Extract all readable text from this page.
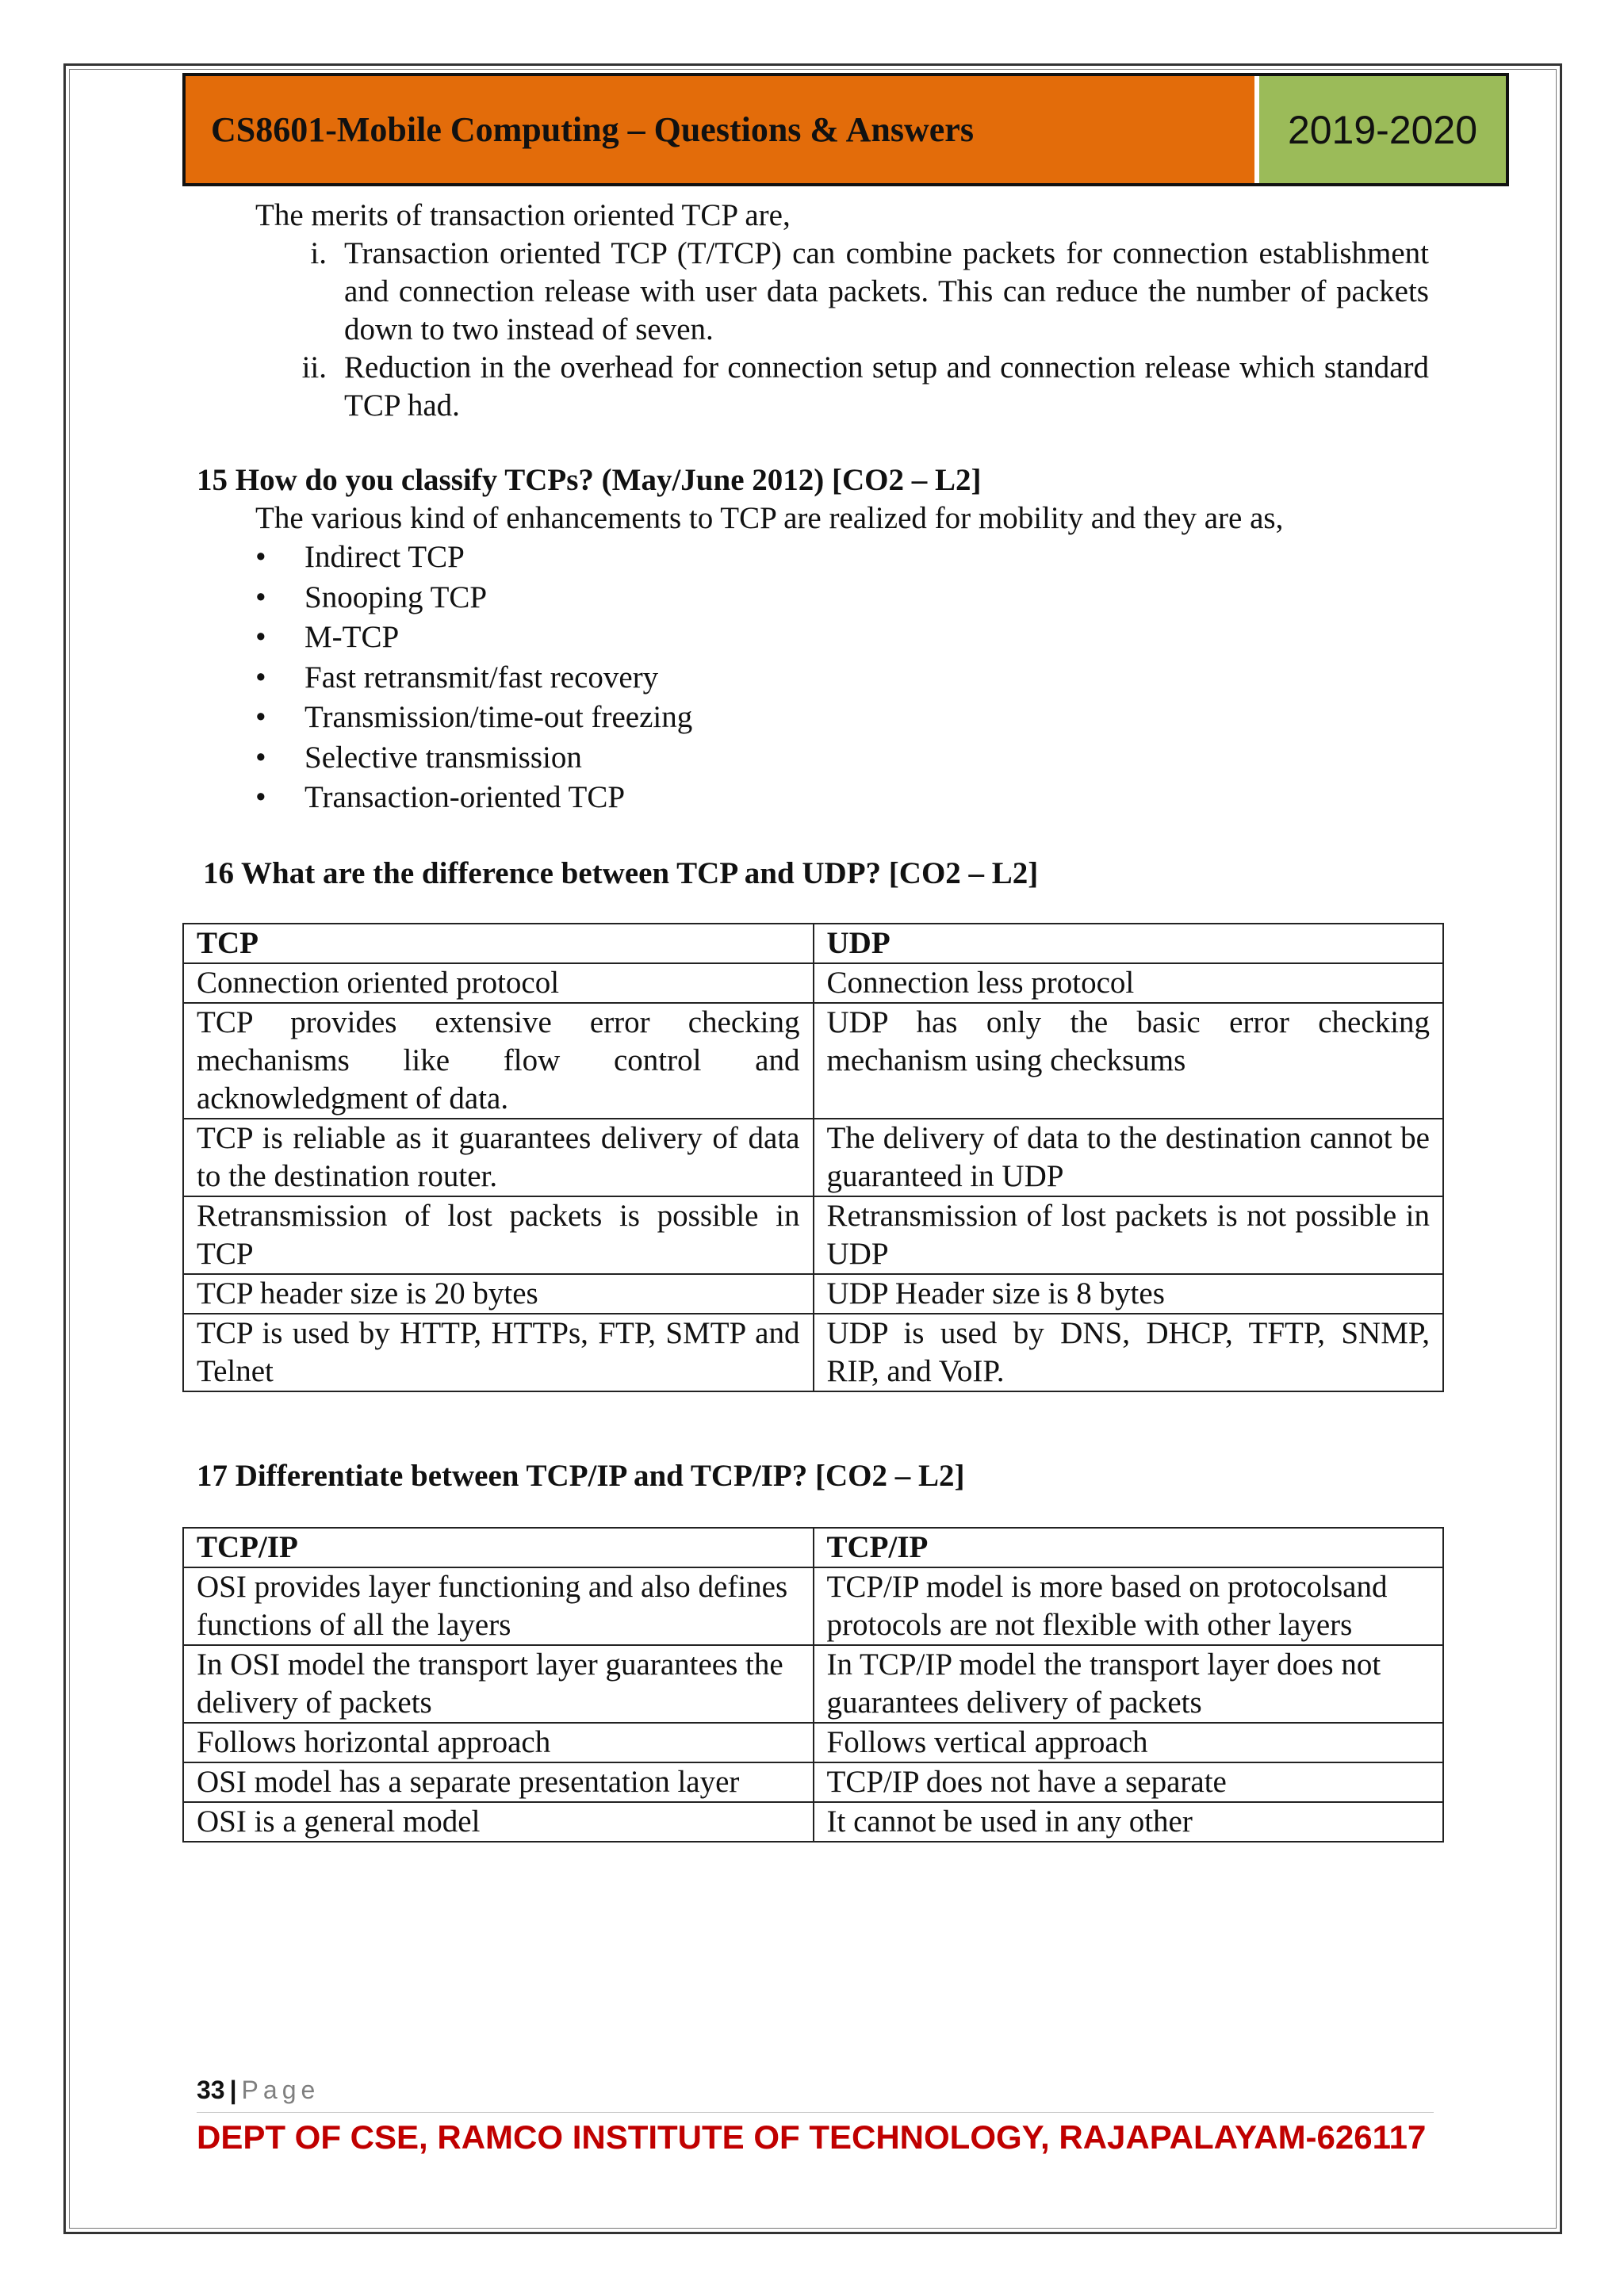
CS8601-Mobile Computing – Questions & Answers	2019-2020
The merits of transaction oriented TCP are,
i. Transaction oriented TCP (T/TCP) can combine packets for connection establishment and connection release with user data packets. This can reduce the number of packets down to two instead of seven.
ii. Reduction in the overhead for connection setup and connection release which standard TCP had.
15 How do you classify TCPs? (May/June 2012) [CO2 – L2]
The various kind of enhancements to TCP are realized for mobility and they are as,
•	Indirect TCP
•	Snooping TCP
•	M-TCP
•	Fast retransmit/fast recovery
•	Transmission/time-out freezing
•	Selective transmission
•	Transaction-oriented TCP
16 What are the difference between TCP and UDP? [CO2 – L2]
TCP	UDP
Connection oriented protocol	Connection less protocol
TCP provides extensive error checking mechanisms like flow control and acknowledgment of data.	UDP has only the basic error checking mechanism using checksums
TCP is reliable as it guarantees delivery of data to the destination router.	The delivery of data to the destination cannot be guaranteed in UDP
Retransmission of lost packets is possible in TCP	Retransmission of lost packets is not possible in UDP
TCP header size is 20 bytes	UDP Header size is 8 bytes
TCP is used by HTTP, HTTPs, FTP, SMTP and Telnet	UDP is used by DNS, DHCP, TFTP, SNMP, RIP, and VoIP.
17 Differentiate between TCP/IP and TCP/IP? [CO2 – L2]
TCP/IP	TCP/IP
OSI provides layer functioning and also defines functions of all the layers	TCP/IP model is more based on protocolsand protocols are not flexible with other layers
In OSI model the transport layer guarantees the delivery of packets	In TCP/IP model the transport layer does not guarantees delivery of packets
Follows horizontal approach	Follows vertical approach
OSI model has a separate presentation layer	TCP/IP does not have a separate
OSI is a general model	It cannot be used in any other
33 | Page
DEPT OF CSE, RAMCO INSTITUTE OF TECHNOLOGY, RAJAPALAYAM-626117
